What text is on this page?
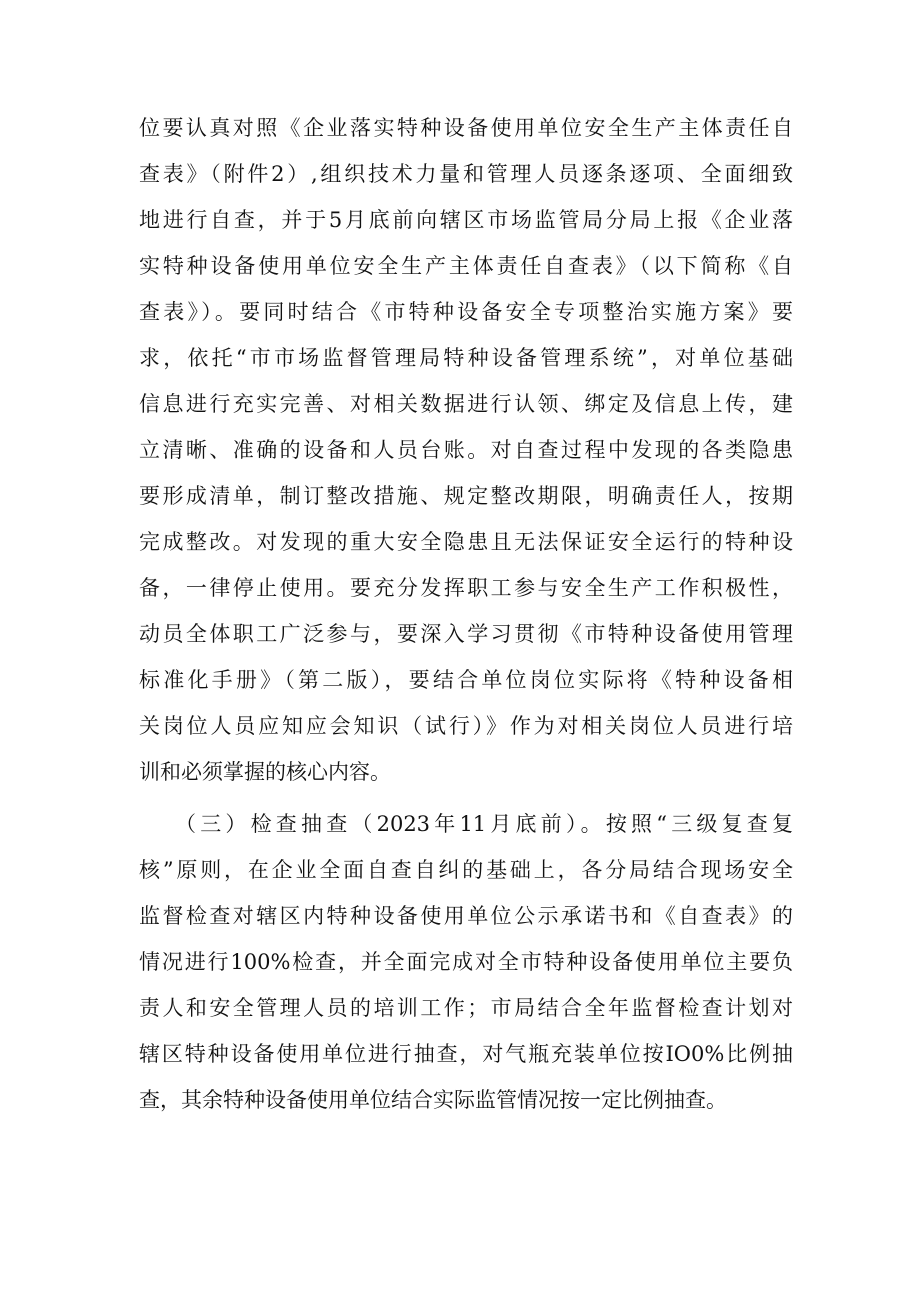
位要认真对照《企业落实特种设备使用单位安全生产主体责任自
查表》（附件2）,组织技术力量和管理人员逐条逐项、全面细致
地进行自查，并于5月底前向辖区市场监管局分局上报《企业落
实特种设备使用单位安全生产主体责任自查表》（以下简称《自
查表》）。要同时结合《市特种设备安全专项整治实施方案》要
求，依托“市市场监督管理局特种设备管理系统”，对单位基础
信息进行充实完善、对相关数据进行认领、绑定及信息上传，建
立清晰、准确的设备和人员台账。对自查过程中发现的各类隐患
要形成清单，制订整改措施、规定整改期限，明确责任人，按期
完成整改。对发现的重大安全隐患且无法保证安全运行的特种设
备，一律停止使用。要充分发挥职工参与安全生产工作积极性，
动员全体职工广泛参与，要深入学习贯彻《市特种设备使用管理
标准化手册》（第二版），要结合单位岗位实际将《特种设备相
关岗位人员应知应会知识（试行）》作为对相关岗位人员进行培
训和必须掌握的核心内容。
（三）检查抽查（2023年11月底前）。按照“三级复查复
核”原则，在企业全面自查自纠的基础上，各分局结合现场安全
监督检查对辖区内特种设备使用单位公示承诺书和《自查表》的
情况进行100%检查，并全面完成对全市特种设备使用单位主要负
责人和安全管理人员的培训工作；市局结合全年监督检查计划对
辖区特种设备使用单位进行抽查，对气瓶充装单位按IO0%比例抽
查，其余特种设备使用单位结合实际监管情况按一定比例抽查。
